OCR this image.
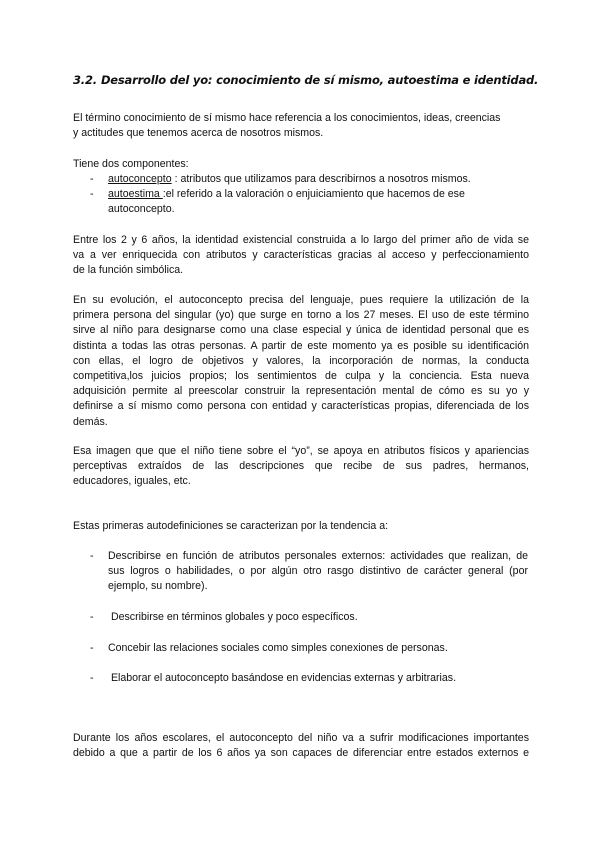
3.2. Desarrollo del yo: conocimiento de sí mismo, autoestima e identidad.

El término conocimiento de sí mismo hace referencia a los conocimientos, ideas, creencias
y actitudes que tenemos acerca de nosotros mismos.

Tiene dos componentes:

- autoconcepto : atributos que utilizamos para describirnos a nosotros mismos.
- autoestima :el referido a la valoración o enjuiciamiento que hacemos de ese
autoconcepto.

Entre los 2 y 6 años, la identidad existencial construida a lo largo del primer año de vida se
va a ver enriquecida con atributos y características gracias al acceso y perfeccionamiento
de la función simbólica.

En su evolución, el autoconcepto precisa del lenguaje, pues requiere la utilización de la
primera persona del singular (yo) que surge en torno a los 27 meses. El uso de este término
sirve al niño para designarse como una clase especial y única de identidad personal que es
distinta a todas las otras personas. A partir de este momento ya es posible su identificación
con ellas, el logro de objetivos y valores, la incorporación de normas, la conducta
competitiva,los juicios propios; los sentimientos de culpa y la conciencia. Esta nueva
adquisición permite al preescolar construir la representación mental de cómo es su yo y
definirse a sí mismo como persona con entidad y características propias, diferenciada de los
demás.

Esa imagen que que el niño tiene sobre el “yo”, se apoya en atributos físicos y apariencias
perceptivas extraídos de las descripciones que recibe de sus padres, hermanos,
educadores, iguales, etc.

Estas primeras autodefiniciones se caracterizan por la tendencia a:

- Describirse en función de atributos personales externos: actividades que realizan, de
sus logros o habilidades, o por algún otro rasgo distintivo de carácter general (por
ejemplo, su nombre).
- Describirse en términos globales y poco específicos.
- Concebir las relaciones sociales como simples conexiones de personas.
- Elaborar el autoconcepto basándose en evidencias externas y arbitrarias.

Durante los años escolares, el autoconcepto del niño va a sufrir modificaciones importantes
debido a que a partir de los 6 años ya son capaces de diferenciar entre estados externos e
